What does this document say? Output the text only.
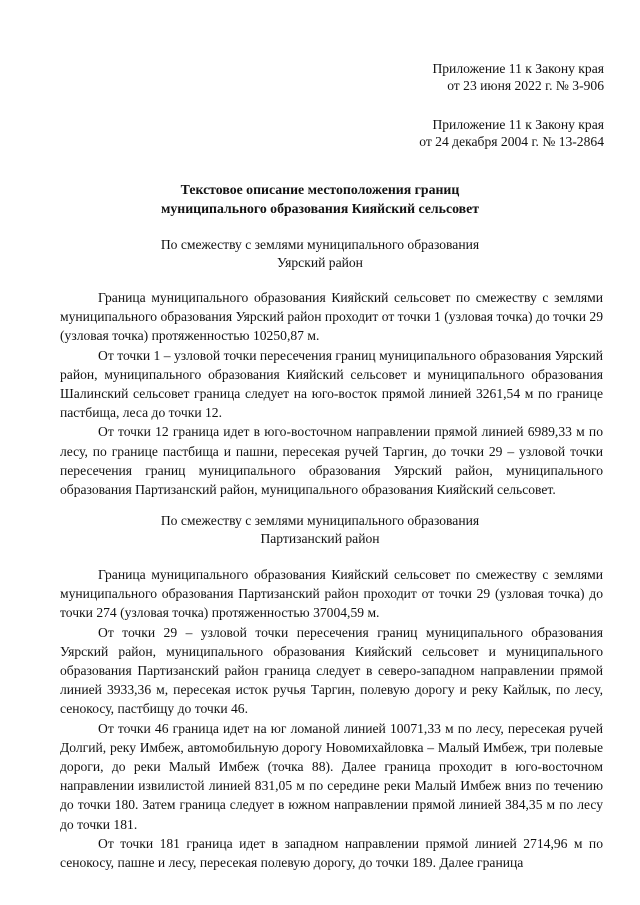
Приложение 11 к Закону края

от 23 июня 2022 г. № 3-906

Приложение 11 к Закону края

от 24 декабря 2004 г. № 13-2864

Текстовое описание местоположения границ

муниципального образования Кияйский сельсовет

По смежеству с землями муниципального образования

Уярский район

Граница муниципального образования Кияйский сельсовет по смежеству с землями муниципального образования Уярский район проходит от точки 1 (узловая точка) до точки 29 (узловая точка) протяженностью 10250,87 м.

От точки 1 – узловой точки пересечения границ муниципального образования Уярский район, муниципального образования Кияйский сельсовет и муниципального образования Шалинский сельсовет граница следует на юго-восток прямой линией 3261,54 м по границе пастбища, леса до точки 12.

От точки 12 граница идет в юго-восточном направлении прямой линией 6989,33 м по лесу, по границе пастбища и пашни, пересекая ручей Таргин, до точки 29 – узловой точки пересечения границ муниципального образования Уярский район, муниципального образования Партизанский район, муниципального образования Кияйский сельсовет.

По смежеству с землями муниципального образования

Партизанский район

Граница муниципального образования Кияйский сельсовет по смежеству с землями муниципального образования Партизанский район проходит от точки 29 (узловая точка) до точки 274 (узловая точка) протяженностью 37004,59 м.

От точки 29 – узловой точки пересечения границ муниципального образования Уярский район, муниципального образования Кияйский сельсовет и муниципального образования Партизанский район граница следует в северо-западном направлении прямой линией 3933,36 м, пересекая исток ручья Таргин, полевую дорогу и реку Кайлык, по лесу, сенокосу, пастбищу до точки 46.

От точки 46 граница идет на юг ломаной линией 10071,33 м по лесу, пересекая ручей Долгий, реку Имбеж, автомобильную дорогу Новомихайловка – Малый Имбеж, три полевые дороги, до реки Малый Имбеж (точка 88). Далее граница проходит в юго-восточном направлении извилистой линией 831,05 м по середине реки Малый Имбеж вниз по течению до точки 180. Затем граница следует в южном направлении прямой линией 384,35 м по лесу до точки 181.

От точки 181 граница идет в западном направлении прямой линией 2714,96 м по сенокосу, пашне и лесу, пересекая полевую дорогу, до точки 189. Далее граница
